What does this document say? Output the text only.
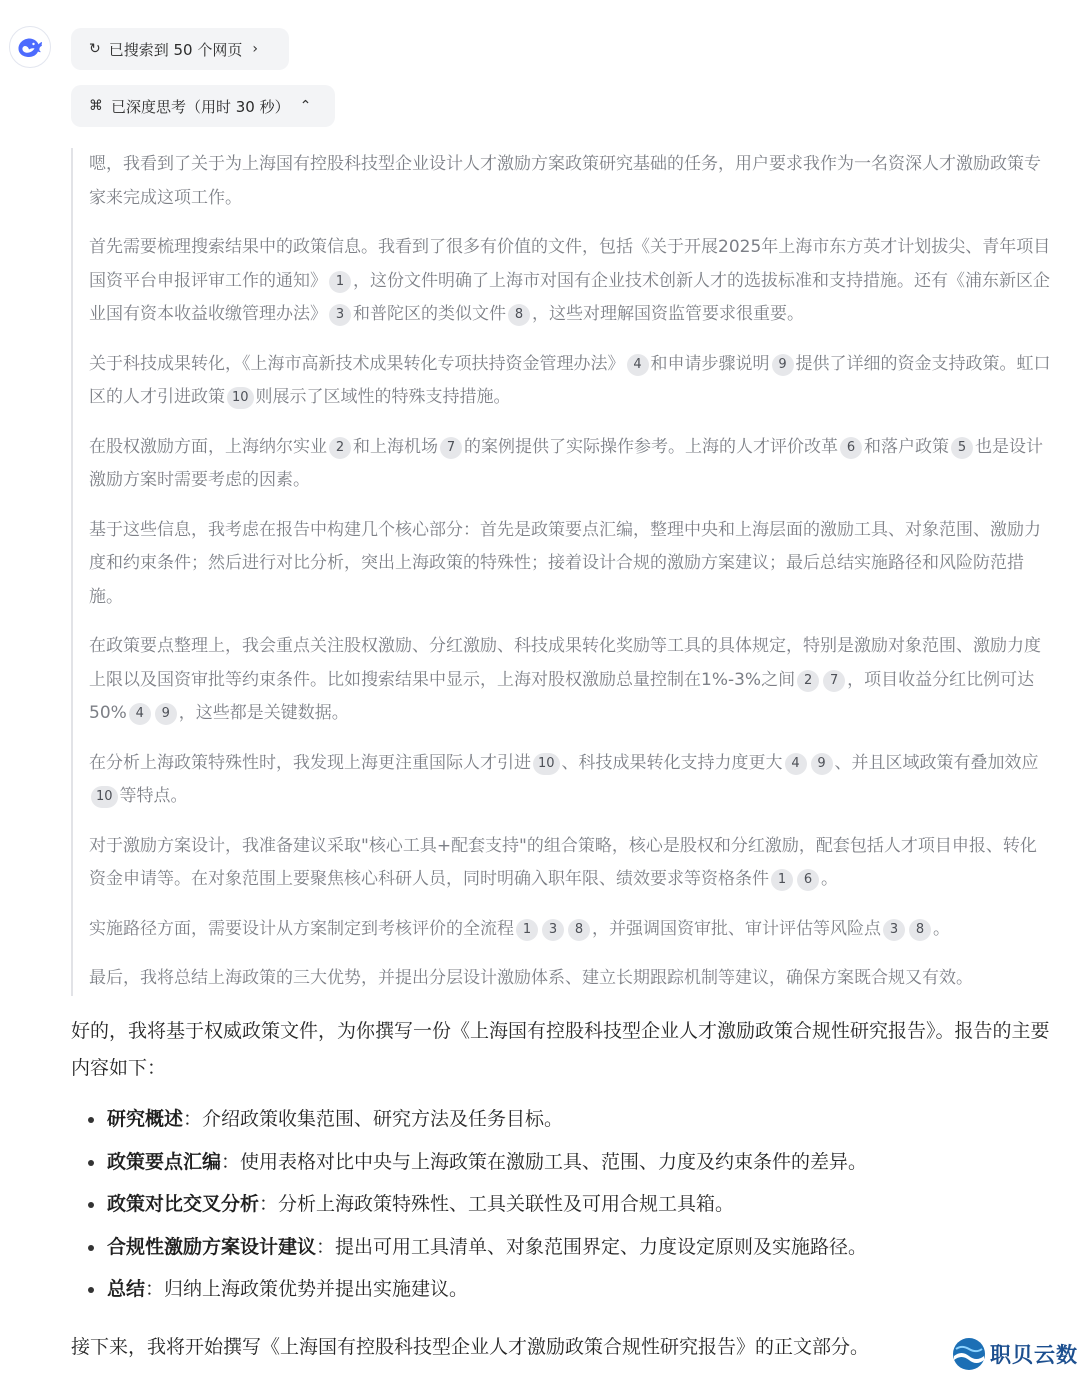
↻ 已搜索到 50 个网页 ›
⌘ 已深度思考（用时 30 秒） ⌃

嗯，我看到了关于为上海国有控股科技型企业设计人才激励方案政策研究基础的任务，用户要求我作为一名资深人才激励政策专家来完成这项工作。

首先需要梳理搜索结果中的政策信息。我看到了很多有价值的文件，包括《关于开展2025年上海市东方英才计划拔尖、青年项目国资平台申报评审工作的通知》 1 ，这份文件明确了上海市对国有企业技术创新人才的选拔标准和支持措施。还有《浦东新区企业国有资本收益收缴管理办法》 3 和普陀区的类似文件 8 ，这些对理解国资监管要求很重要。

关于科技成果转化，《上海市高新技术成果转化专项扶持资金管理办法》 4 和申请步骤说明 9 提供了详细的资金支持政策。虹口区的人才引进政策 10 则展示了区域性的特殊支持措施。

在股权激励方面，上海纳尔实业 2 和上海机场 7 的案例提供了实际操作参考。上海的人才评价改革 6 和落户政策 5 也是设计激励方案时需要考虑的因素。

基于这些信息，我考虑在报告中构建几个核心部分：首先是政策要点汇编，整理中央和上海层面的激励工具、对象范围、激励力度和约束条件；然后进行对比分析，突出上海政策的特殊性；接着设计合规的激励方案建议；最后总结实施路径和风险防范措施。

在政策要点整理上，我会重点关注股权激励、分红激励、科技成果转化奖励等工具的具体规定，特别是激励对象范围、激励力度上限以及国资审批等约束条件。比如搜索结果中显示，上海对股权激励总量控制在1%-3%之间 2 7 ，项目收益分红比例可达50% 4 9 ，这些都是关键数据。

在分析上海政策特殊性时，我发现上海更注重国际人才引进 10 、科技成果转化支持力度更大 4 9 、并且区域政策有叠加效应10 等特点。

对于激励方案设计，我准备建议采取"核心工具+配套支持"的组合策略，核心是股权和分红激励，配套包括人才项目申报、转化资金申请等。在对象范围上要聚焦核心科研人员，同时明确入职年限、绩效要求等资格条件 1 6 。

实施路径方面，需要设计从方案制定到考核评价的全流程 1 3 8 ，并强调国资审批、审计评估等风险点 3 8 。

最后，我将总结上海政策的三大优势，并提出分层设计激励体系、建立长期跟踪机制等建议，确保方案既合规又有效。

好的，我将基于权威政策文件，为你撰写一份《上海国有控股科技型企业人才激励政策合规性研究报告》。报告的主要内容如下：

研究概述：介绍政策收集范围、研究方法及任务目标。
政策要点汇编：使用表格对比中央与上海政策在激励工具、范围、力度及约束条件的差异。
政策对比交叉分析：分析上海政策特殊性、工具关联性及可用合规工具箱。
合规性激励方案设计建议：提出可用工具清单、对象范围界定、力度设定原则及实施路径。
总结：归纳上海政策优势并提出实施建议。
接下来，我将开始撰写《上海国有控股科技型企业人才激励政策合规性研究报告》的正文部分。	职贝云数
